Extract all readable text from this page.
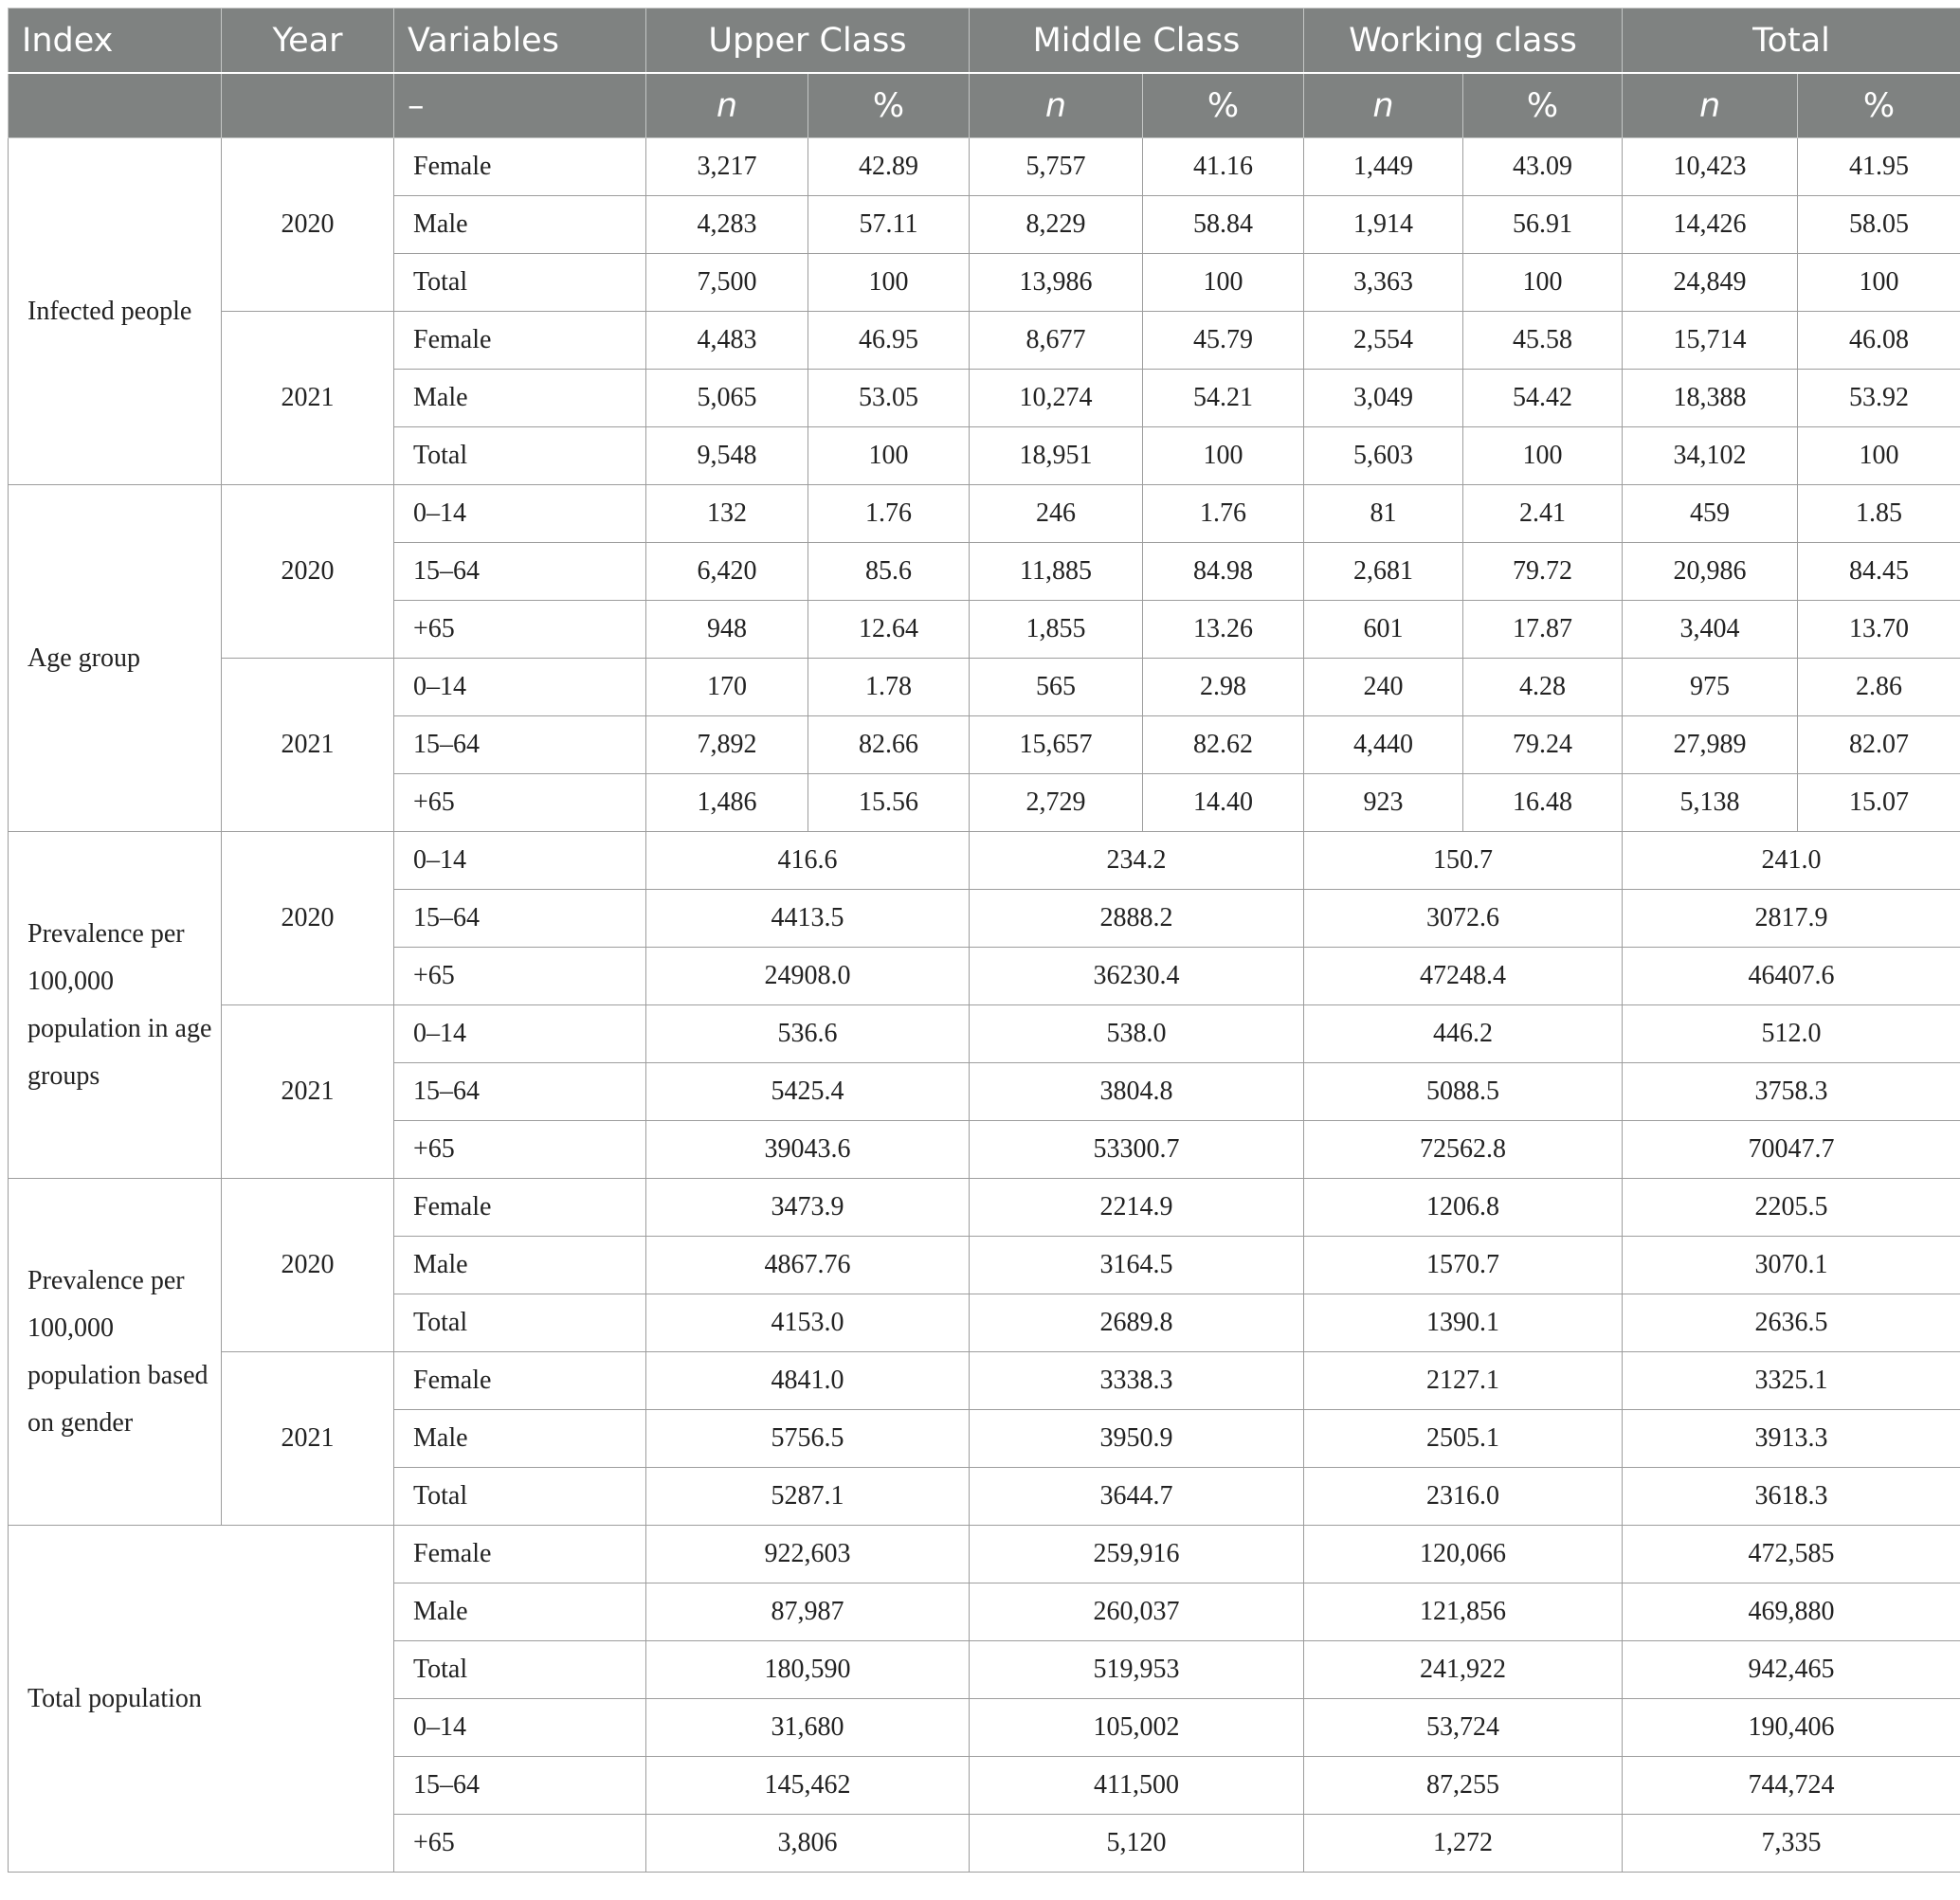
Index	Year	Variables	Upper Class		Middle Class		Working class		Total	
		–	n	%	n	%	n	%	n	%
Infected people	2020	Female	3,217	42.89	5,757	41.16	1,449	43.09	10,423	41.95
		Male	4,283	57.11	8,229	58.84	1,914	56.91	14,426	58.05
		Total	7,500	100	13,986	100	3,363	100	24,849	100
	2021	Female	4,483	46.95	8,677	45.79	2,554	45.58	15,714	46.08
		Male	5,065	53.05	10,274	54.21	3,049	54.42	18,388	53.92
		Total	9,548	100	18,951	100	5,603	100	34,102	100
Age group	2020	0–14	132	1.76	246	1.76	81	2.41	459	1.85
		15–64	6,420	85.6	11,885	84.98	2,681	79.72	20,986	84.45
		+65	948	12.64	1,855	13.26	601	17.87	3,404	13.70
	2021	0–14	170	1.78	565	2.98	240	4.28	975	2.86
		15–64	7,892	82.66	15,657	82.62	4,440	79.24	27,989	82.07
		+65	1,486	15.56	2,729	14.40	923	16.48	5,138	15.07
Prevalence per 100,000 population in age groups	2020	0–14	416.6		234.2		150.7		241.0	
		15–64	4413.5		2888.2		3072.6		2817.9	
		+65	24908.0		36230.4		47248.4		46407.6	
	2021	0–14	536.6		538.0		446.2		512.0	
		15–64	5425.4		3804.8		5088.5		3758.3	
		+65	39043.6		53300.7		72562.8		70047.7	
Prevalence per 100,000 population based on gender	2020	Female	3473.9		2214.9		1206.8		2205.5	
		Male	4867.76		3164.5		1570.7		3070.1	
		Total	4153.0		2689.8		1390.1		2636.5	
	2021	Female	4841.0		3338.3		2127.1		3325.1	
		Male	5756.5		3950.9		2505.1		3913.3	
		Total	5287.1		3644.7		2316.0		3618.3	
Total population		Female	922,603		259,916		120,066		472,585	
		Male	87,987		260,037		121,856		469,880	
		Total	180,590		519,953		241,922		942,465	
		0–14	31,680		105,002		53,724		190,406	
		15–64	145,462		411,500		87,255		744,724	
		+65	3,806		5,120		1,272		7,335	
